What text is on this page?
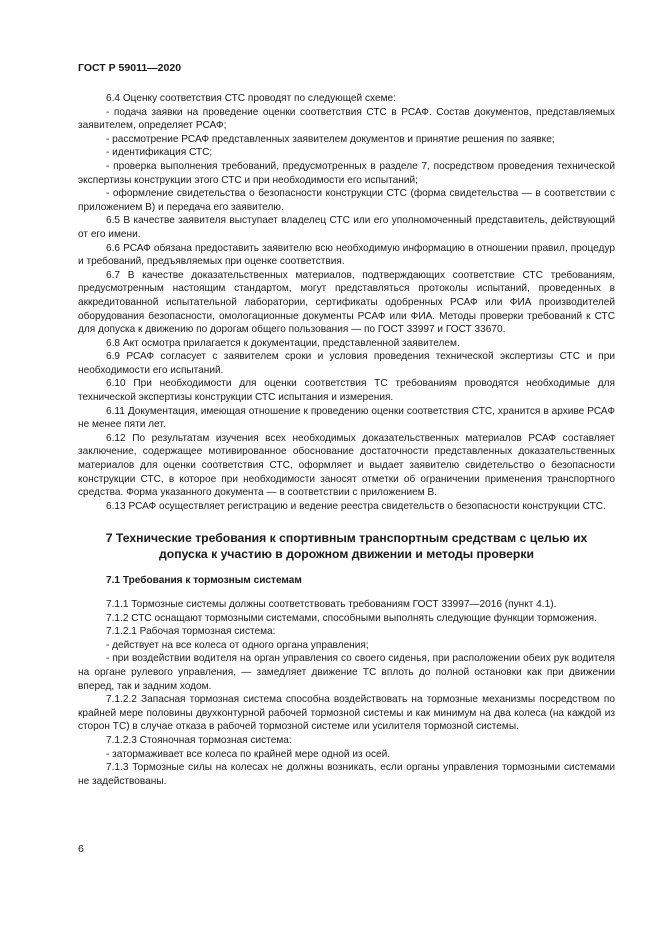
ГОСТ Р 59011—2020

6.4 Оценку соответствия СТС проводят по следующей схеме:

- подача заявки на проведение оценки соответствия СТС в РСАФ. Состав документов, представляемых заявителем, определяет РСАФ;

- рассмотрение РСАФ представленных заявителем документов и принятие решения по заявке;

- идентификация СТС;

- проверка выполнения требований, предусмотренных в разделе 7, посредством проведения технической экспертизы конструкции этого СТС и при необходимости его испытаний;

- оформление свидетельства о безопасности конструкции СТС (форма свидетельства — в соответствии с приложением В) и передача его заявителю.

6.5 В качестве заявителя выступает владелец СТС или его уполномоченный представитель, действующий от его имени.

6.6 РСАФ обязана предоставить заявителю всю необходимую информацию в отношении правил, процедур и требований, предъявляемых при оценке соответствия.

6.7 В качестве доказательственных материалов, подтверждающих соответствие СТС требованиям, предусмотренным настоящим стандартом, могут представляться протоколы испытаний, проведенных в аккредитованной испытательной лаборатории, сертификаты одобренных РСАФ или ФИА производителей оборудования безопасности, омологационные документы РСАФ или ФИА. Методы проверки требований к СТС для допуска к движению по дорогам общего пользования — по ГОСТ 33997 и ГОСТ 33670.

6.8 Акт осмотра прилагается к документации, представленной заявителем.

6.9 РСАФ согласует с заявителем сроки и условия проведения технической экспертизы СТС и при необходимости его испытаний.

6.10 При необходимости для оценки соответствия ТС требованиям проводятся необходимые для технической экспертизы конструкции СТС испытания и измерения.

6.11 Документация, имеющая отношение к проведению оценки соответствия СТС, хранится в архиве РСАФ не менее пяти лет.

6.12 По результатам изучения всех необходимых доказательственных материалов РСАФ составляет заключение, содержащее мотивированное обоснование достаточности представленных доказательственных материалов для оценки соответствия СТС, оформляет и выдает заявителю свидетельство о безопасности конструкции СТС, в которое при необходимости заносят отметки об ограничении применения транспортного средства. Форма указанного документа — в соответствии с приложением В.

6.13 РСАФ осуществляет регистрацию и ведение реестра свидетельств о безопасности конструкции СТС.

7 Технические требования к спортивным транспортным средствам с целью их допуска к участию в дорожном движении и методы проверки
7.1 Требования к тормозным системам

7.1.1 Тормозные системы должны соответствовать требованиям ГОСТ 33997—2016 (пункт 4.1).

7.1.2 СТС оснащают тормозными системами, способными выполнять следующие функции торможения.

7.1.2.1 Рабочая тормозная система:

- действует на все колеса от одного органа управления;

- при воздействии водителя на орган управления со своего сиденья, при расположении обеих рук водителя на органе рулевого управления, — замедляет движение ТС вплоть до полной остановки как при движении вперед, так и задним ходом.

7.1.2.2 Запасная тормозная система способна воздействовать на тормозные механизмы посредством по крайней мере половины двухконтурной рабочей тормозной системы и как минимум на два колеса (на каждой из сторон ТС) в случае отказа в рабочей тормозной системе или усилителя тормозной системы.

7.1.2.3 Стояночная тормозная система:

- затормаживает все колеса по крайней мере одной из осей.

7.1.3 Тормозные силы на колесах не должны возникать, если органы управления тормозными системами не задействованы.

6
